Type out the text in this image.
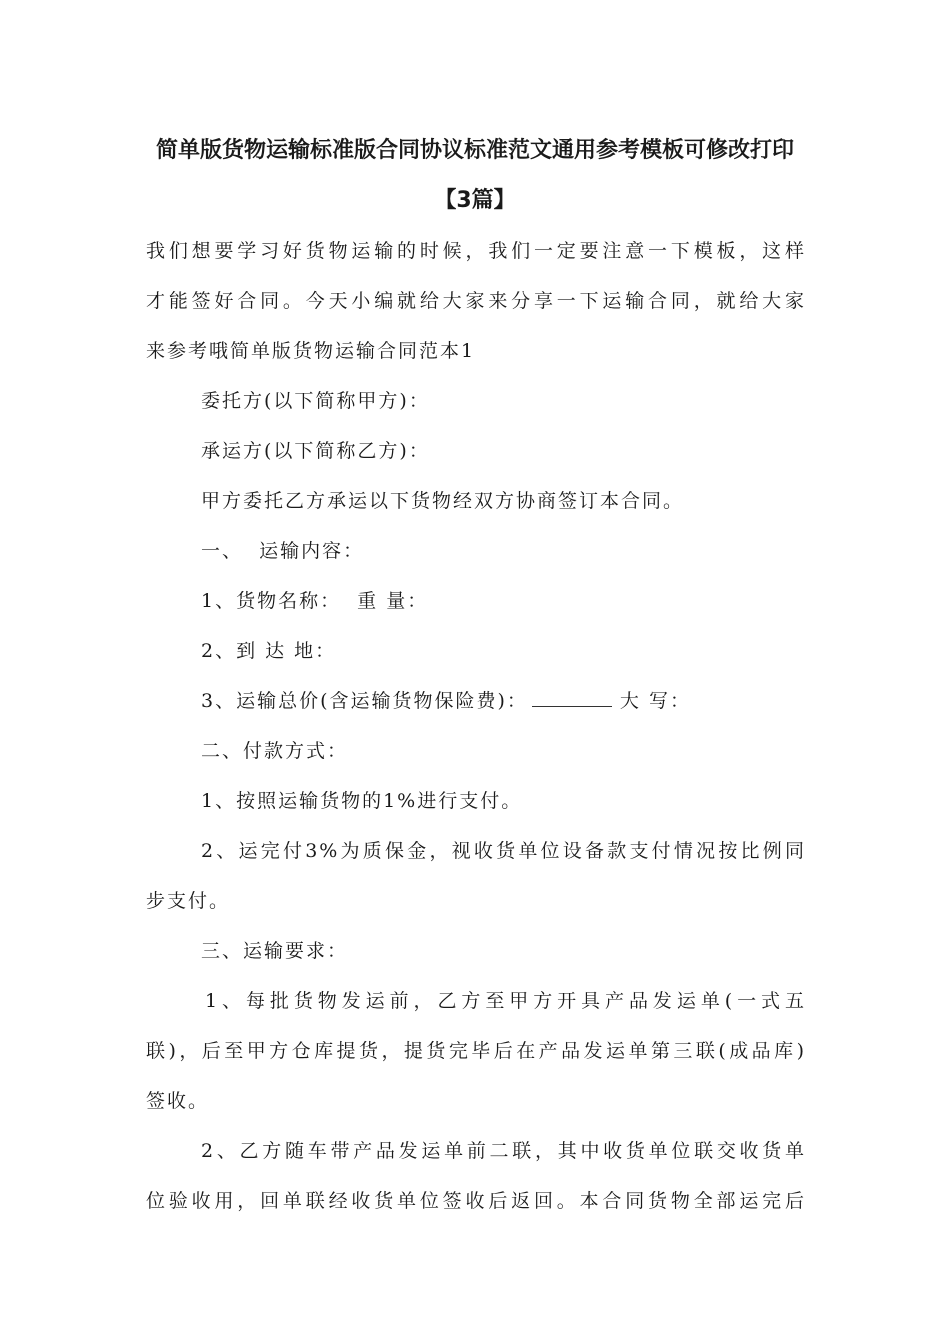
简单版货物运输标准版合同协议标准范文通用参考模板可修改打印
【3篇】
我们想要学习好货物运输的时候，我们一定要注意一下模板，这样
才能签好合同。今天小编就给大家来分享一下运输合同，就给大家
来参考哦简单版货物运输合同范本1
委托方(以下简称甲方)：
承运方(以下简称乙方)：
甲方委托乙方承运以下货物经双方协商签订本合同。
一、  运输内容：
1、货物名称：  重 量：
2、到 达 地：
3、运输总价(含运输货物保险费)：	大 写：
二、付款方式：
1、按照运输货物的1%进行支付。
2、运完付3%为质保金，视收货单位设备款支付情况按比例同
步支付。
三、运输要求：
1、每批货物发运前，乙方至甲方开具产品发运单(一式五
联)，后至甲方仓库提货，提货完毕后在产品发运单第三联(成品库)
签收。
2、乙方随车带产品发运单前二联，其中收货单位联交收货单
位验收用，回单联经收货单位签收后返回。本合同货物全部运完后
